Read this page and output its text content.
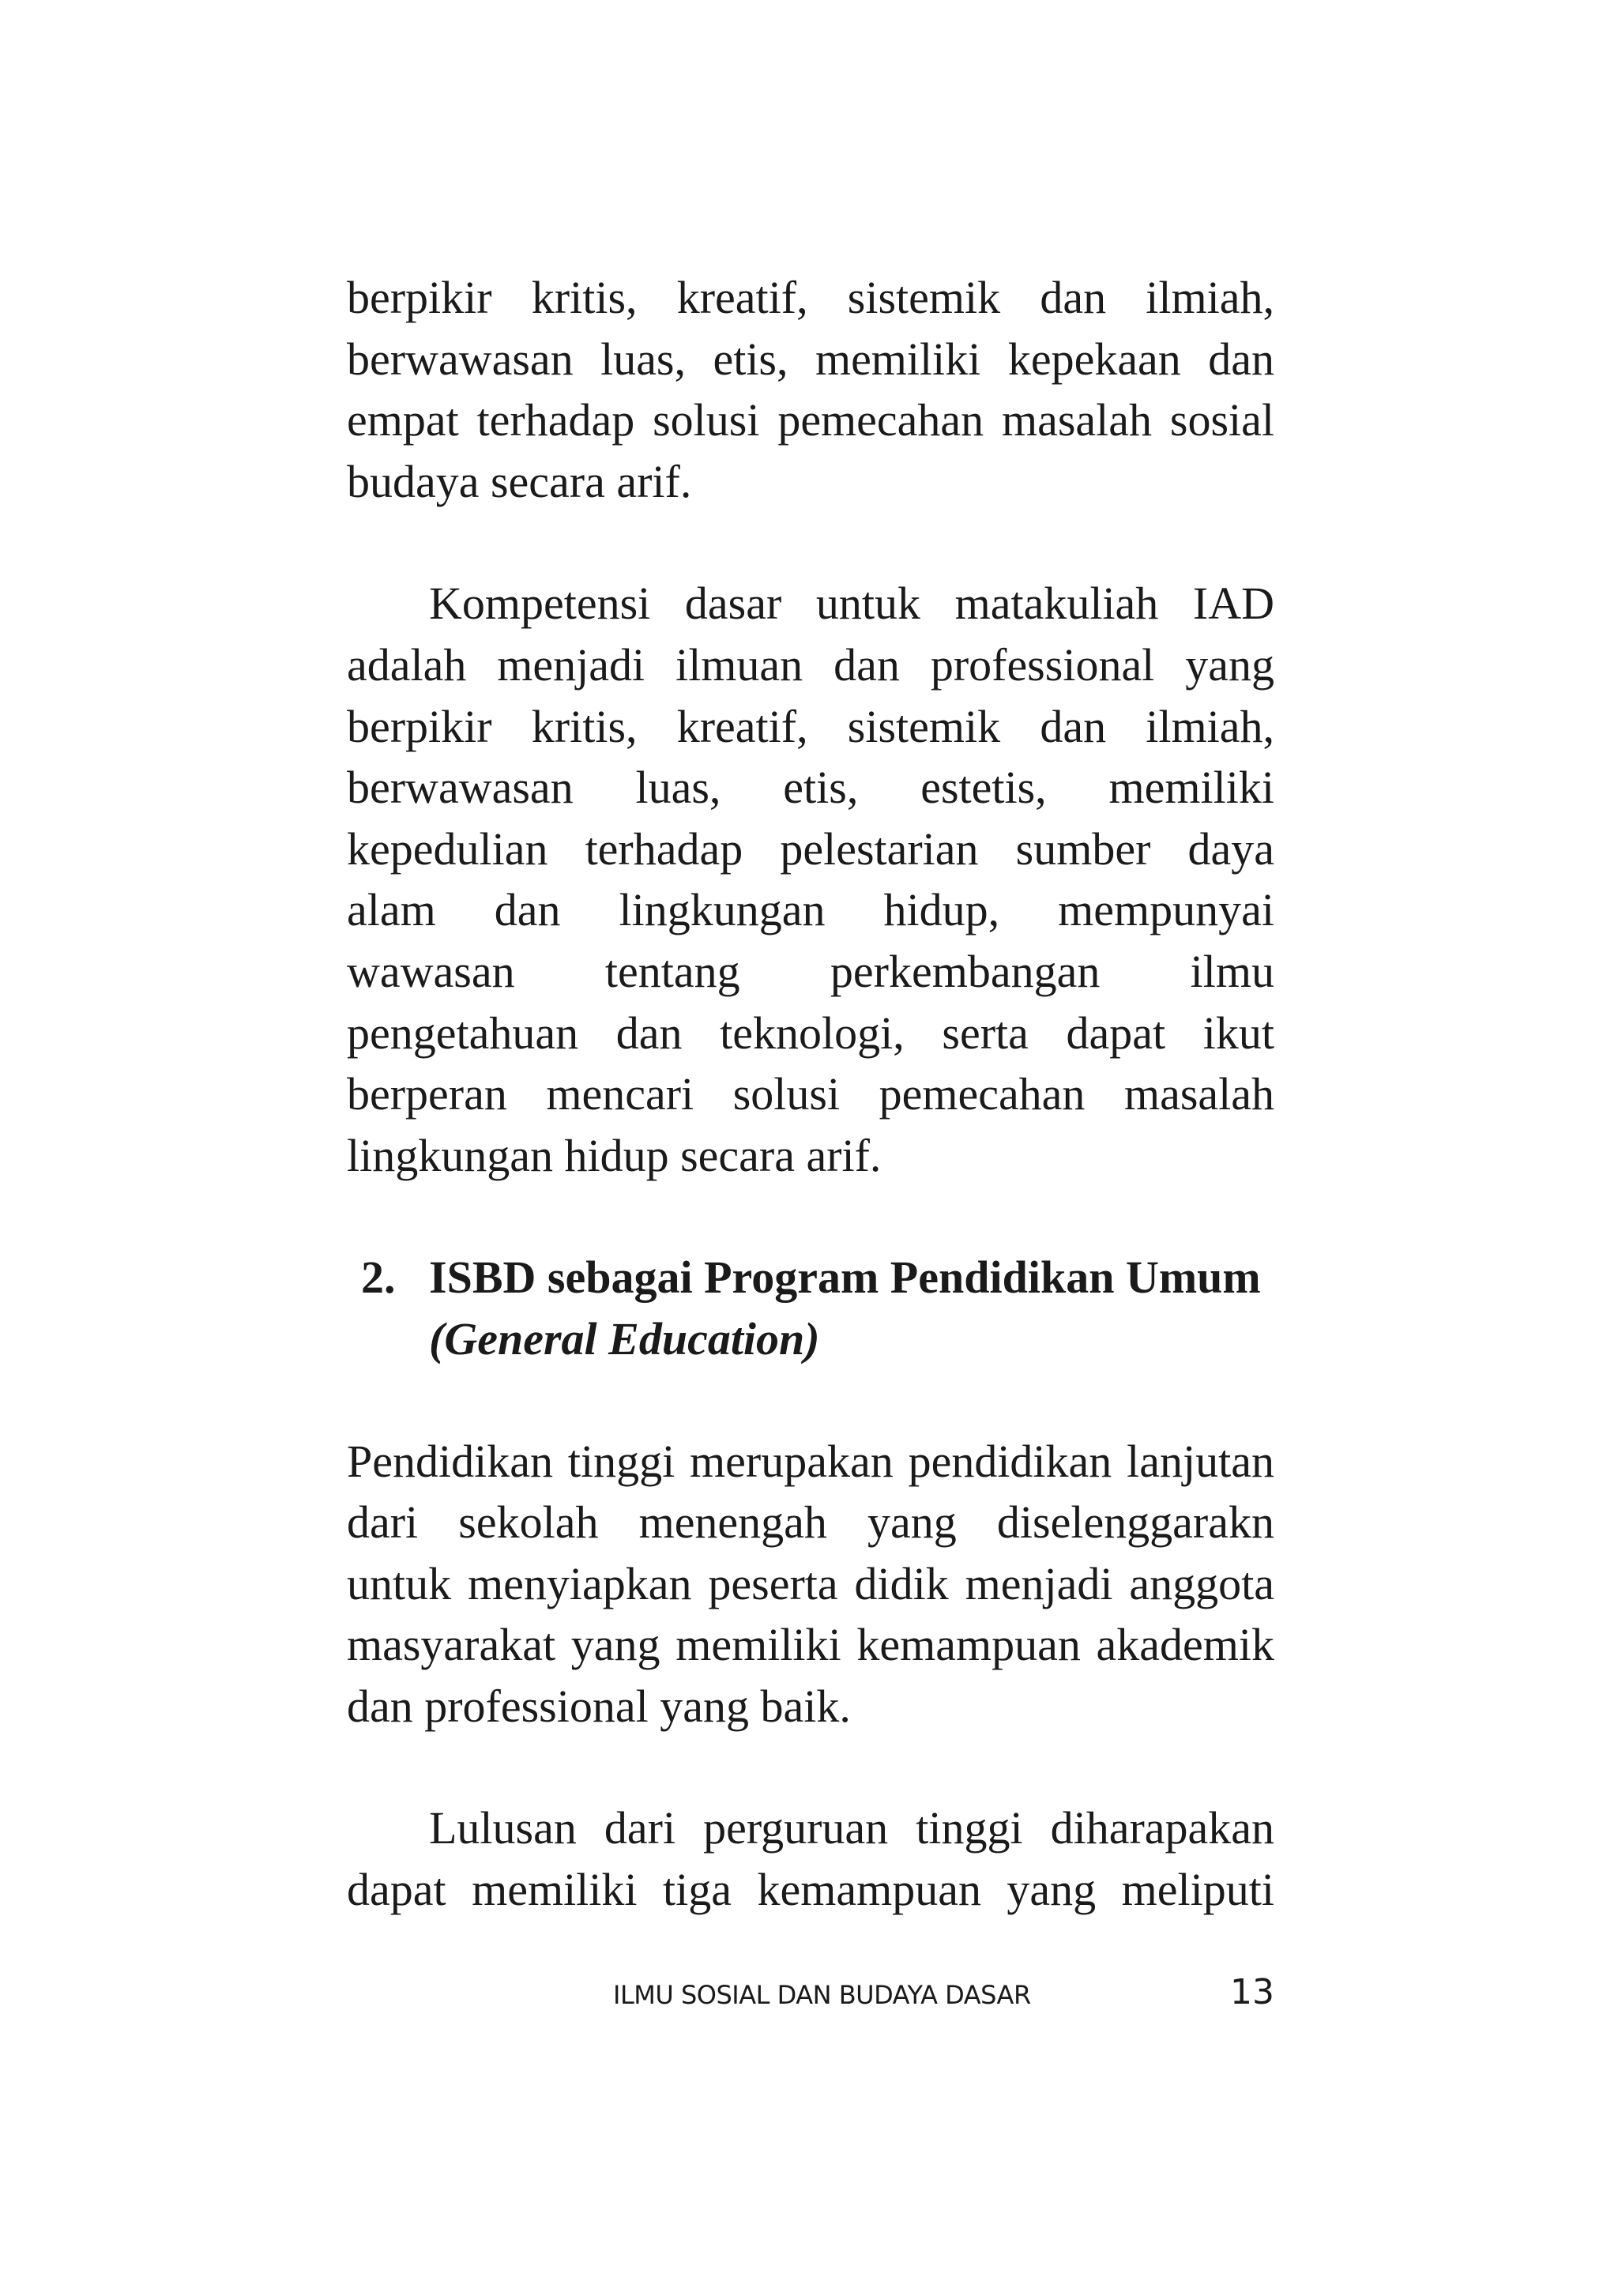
berpikir kritis, kreatif, sistemik dan ilmiah,
berwawasan luas, etis, memiliki kepekaan dan
empat terhadap solusi pemecahan masalah sosial
budaya secara arif.

Kompetensi dasar untuk matakuliah IAD
adalah menjadi ilmuan dan professional yang
berpikir kritis, kreatif, sistemik dan ilmiah,
berwawasan luas, etis, estetis, memiliki
kepedulian terhadap pelestarian sumber daya
alam dan lingkungan hidup, mempunyai
wawasan tentang perkembangan ilmu
pengetahuan dan teknologi, serta dapat ikut
berperan mencari solusi pemecahan masalah
lingkungan hidup secara arif.

2. ISBD sebagai Program Pendidikan Umum
(General Education)

Pendidikan tinggi merupakan pendidikan lanjutan
dari sekolah menengah yang diselenggarakn
untuk menyiapkan peserta didik menjadi anggota
masyarakat yang memiliki kemampuan akademik
dan professional yang baik.

Lulusan dari perguruan tinggi diharapakan
dapat memiliki tiga kemampuan yang meliputi

ILMU SOSIAL DAN BUDAYA DASAR	13
